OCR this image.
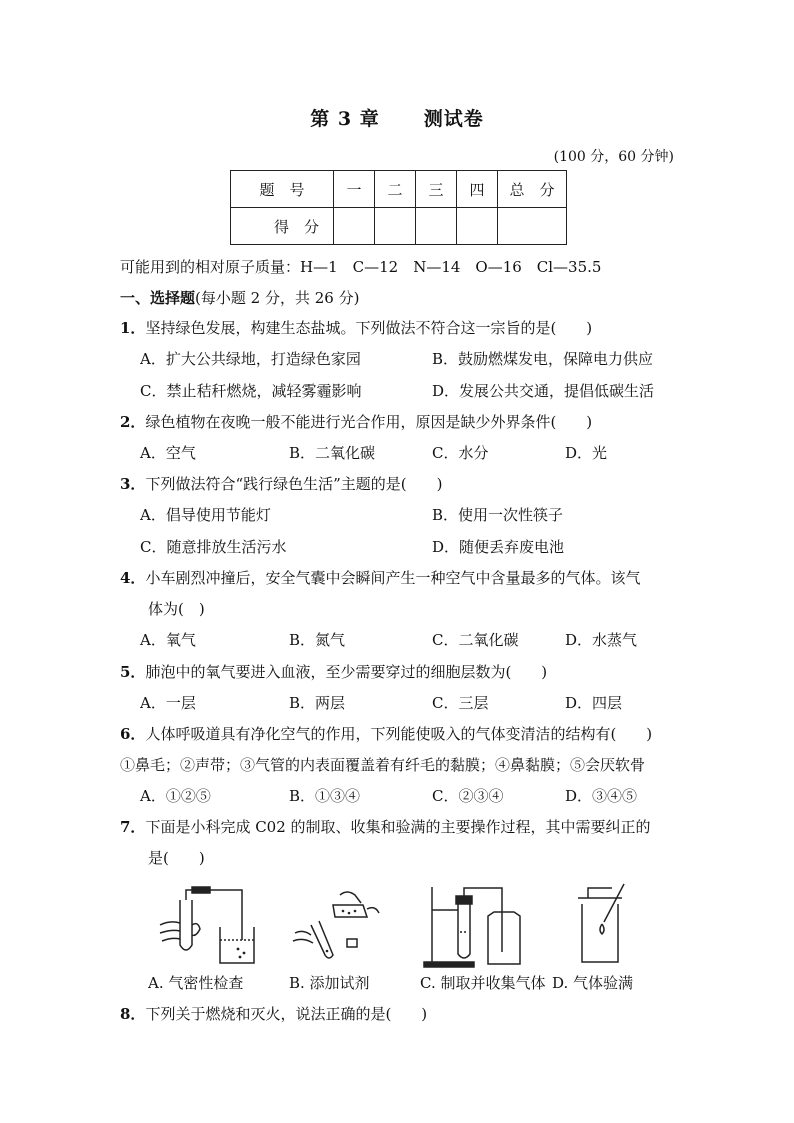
第 3 章 测试卷
(100 分，60 分钟)
题　号	一	二	三	四	总　分
得　分					
可能用到的相对原子质量：H—1　C—12　N—14　O—16　Cl—35.5
一、选择题(每小题 2 分，共 26 分)
1．坚持绿色发展，构建生态盐城。下列做法不符合这一宗旨的是(　　)
A．扩大公共绿地，打造绿色家园	B．鼓励燃煤发电，保障电力供应
C．禁止秸秆燃烧，减轻雾霾影响	D．发展公共交通，提倡低碳生活
2．绿色植物在夜晚一般不能进行光合作用，原因是缺少外界条件(　　)
A．空气	B．二氧化碳	C．水分	D．光
3．下列做法符合“践行绿色生活”主题的是(　　)
A．倡导使用节能灯	B．使用一次性筷子
C．随意排放生活污水	D．随便丢弃废电池
4．小车剧烈冲撞后，安全气囊中会瞬间产生一种空气中含量最多的气体。该气
体为(　)
A．氧气	B．氮气	C．二氧化碳	D．水蒸气
5．肺泡中的氧气要进入血液，至少需要穿过的细胞层数为(　　)
A．一层	B．两层	C．三层	D．四层
6．人体呼吸道具有净化空气的作用，下列能使吸入的气体变清洁的结构有(　　)
①鼻毛；②声带；③气管的内表面覆盖着有纤毛的黏膜；④鼻黏膜；⑤会厌软骨
A．①②⑤	B．①③④	C．②③④	D．③④⑤
7．下面是小科完成 C02 的制取、收集和验满的主要操作过程，其中需要纠正的
是(　　)
A. 气密性检查	B. 添加试剂	C. 制取并收集气体 D. 气体验满
8．下列关于燃烧和灭火，说法正确的是(　　)
